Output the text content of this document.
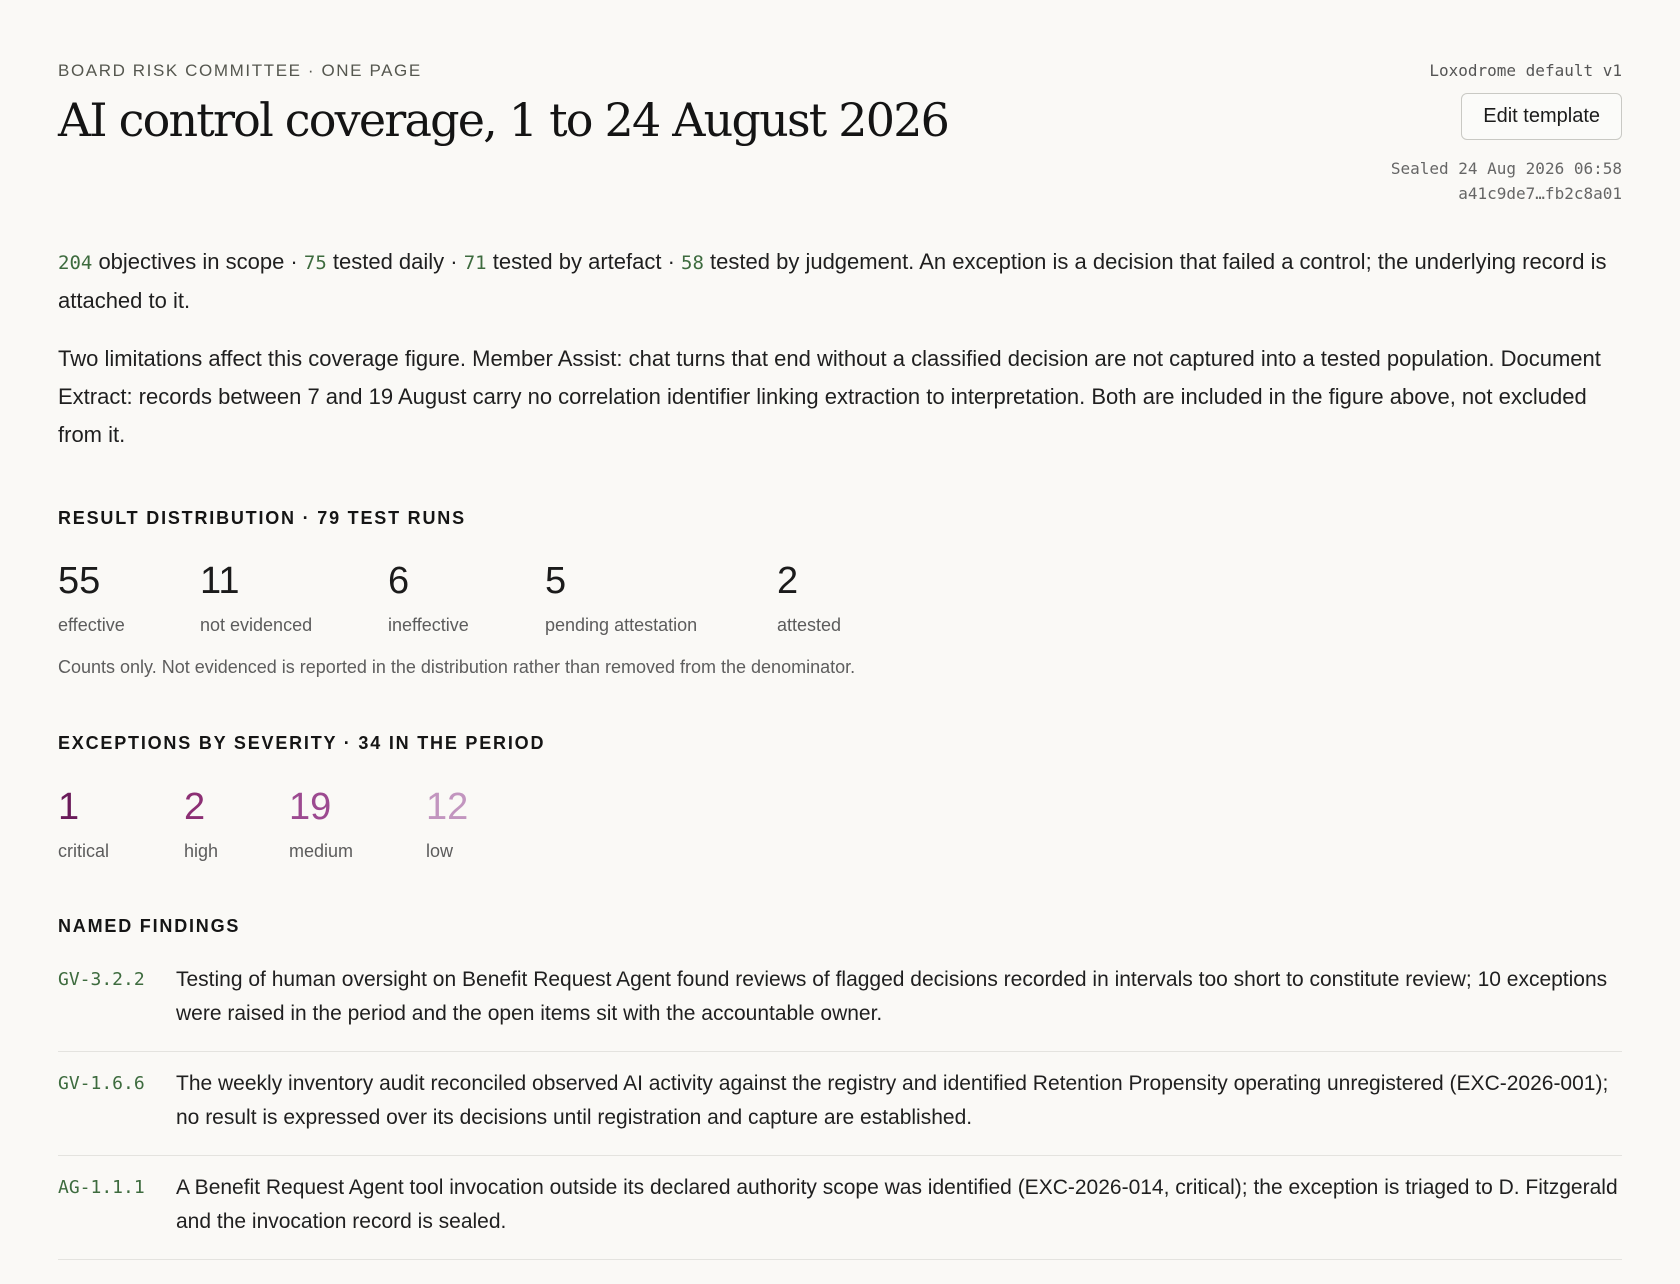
BOARD RISK COMMITTEE · ONE PAGE
AI control coverage, 1 to 24 August 2026
Loxodrome default v1
Edit template
Sealed 24 Aug 2026 06:58
a41c9de7…fb2c8a01
204 objectives in scope · 75 tested daily · 71 tested by artefact · 58 tested by judgement. An exception is a decision that failed a control; the underlying record is attached to it.
Two limitations affect this coverage figure. Member Assist: chat turns that end without a classified decision are not captured into a tested population. Document Extract: records between 7 and 19 August carry no correlation identifier linking extraction to interpretation. Both are included in the figure above, not excluded from it.
RESULT DISTRIBUTION · 79 TEST RUNS
55
effective
11
not evidenced
6
ineffective
5
pending attestation
2
attested
Counts only. Not evidenced is reported in the distribution rather than removed from the denominator.
EXCEPTIONS BY SEVERITY · 34 IN THE PERIOD
1
critical
2
high
19
medium
12
low
NAMED FINDINGS
GV-3.2.2	Testing of human oversight on Benefit Request Agent found reviews of flagged decisions recorded in intervals too short to constitute review; 10 exceptions were raised in the period and the open items sit with the accountable owner.
GV-1.6.6	The weekly inventory audit reconciled observed AI activity against the registry and identified Retention Propensity operating unregistered (EXC-2026-001); no result is expressed over its decisions until registration and capture are established.
AG-1.1.1	A Benefit Request Agent tool invocation outside its declared authority scope was identified (EXC-2026-014, critical); the exception is triaged to D. Fitzgerald and the invocation record is sealed.
